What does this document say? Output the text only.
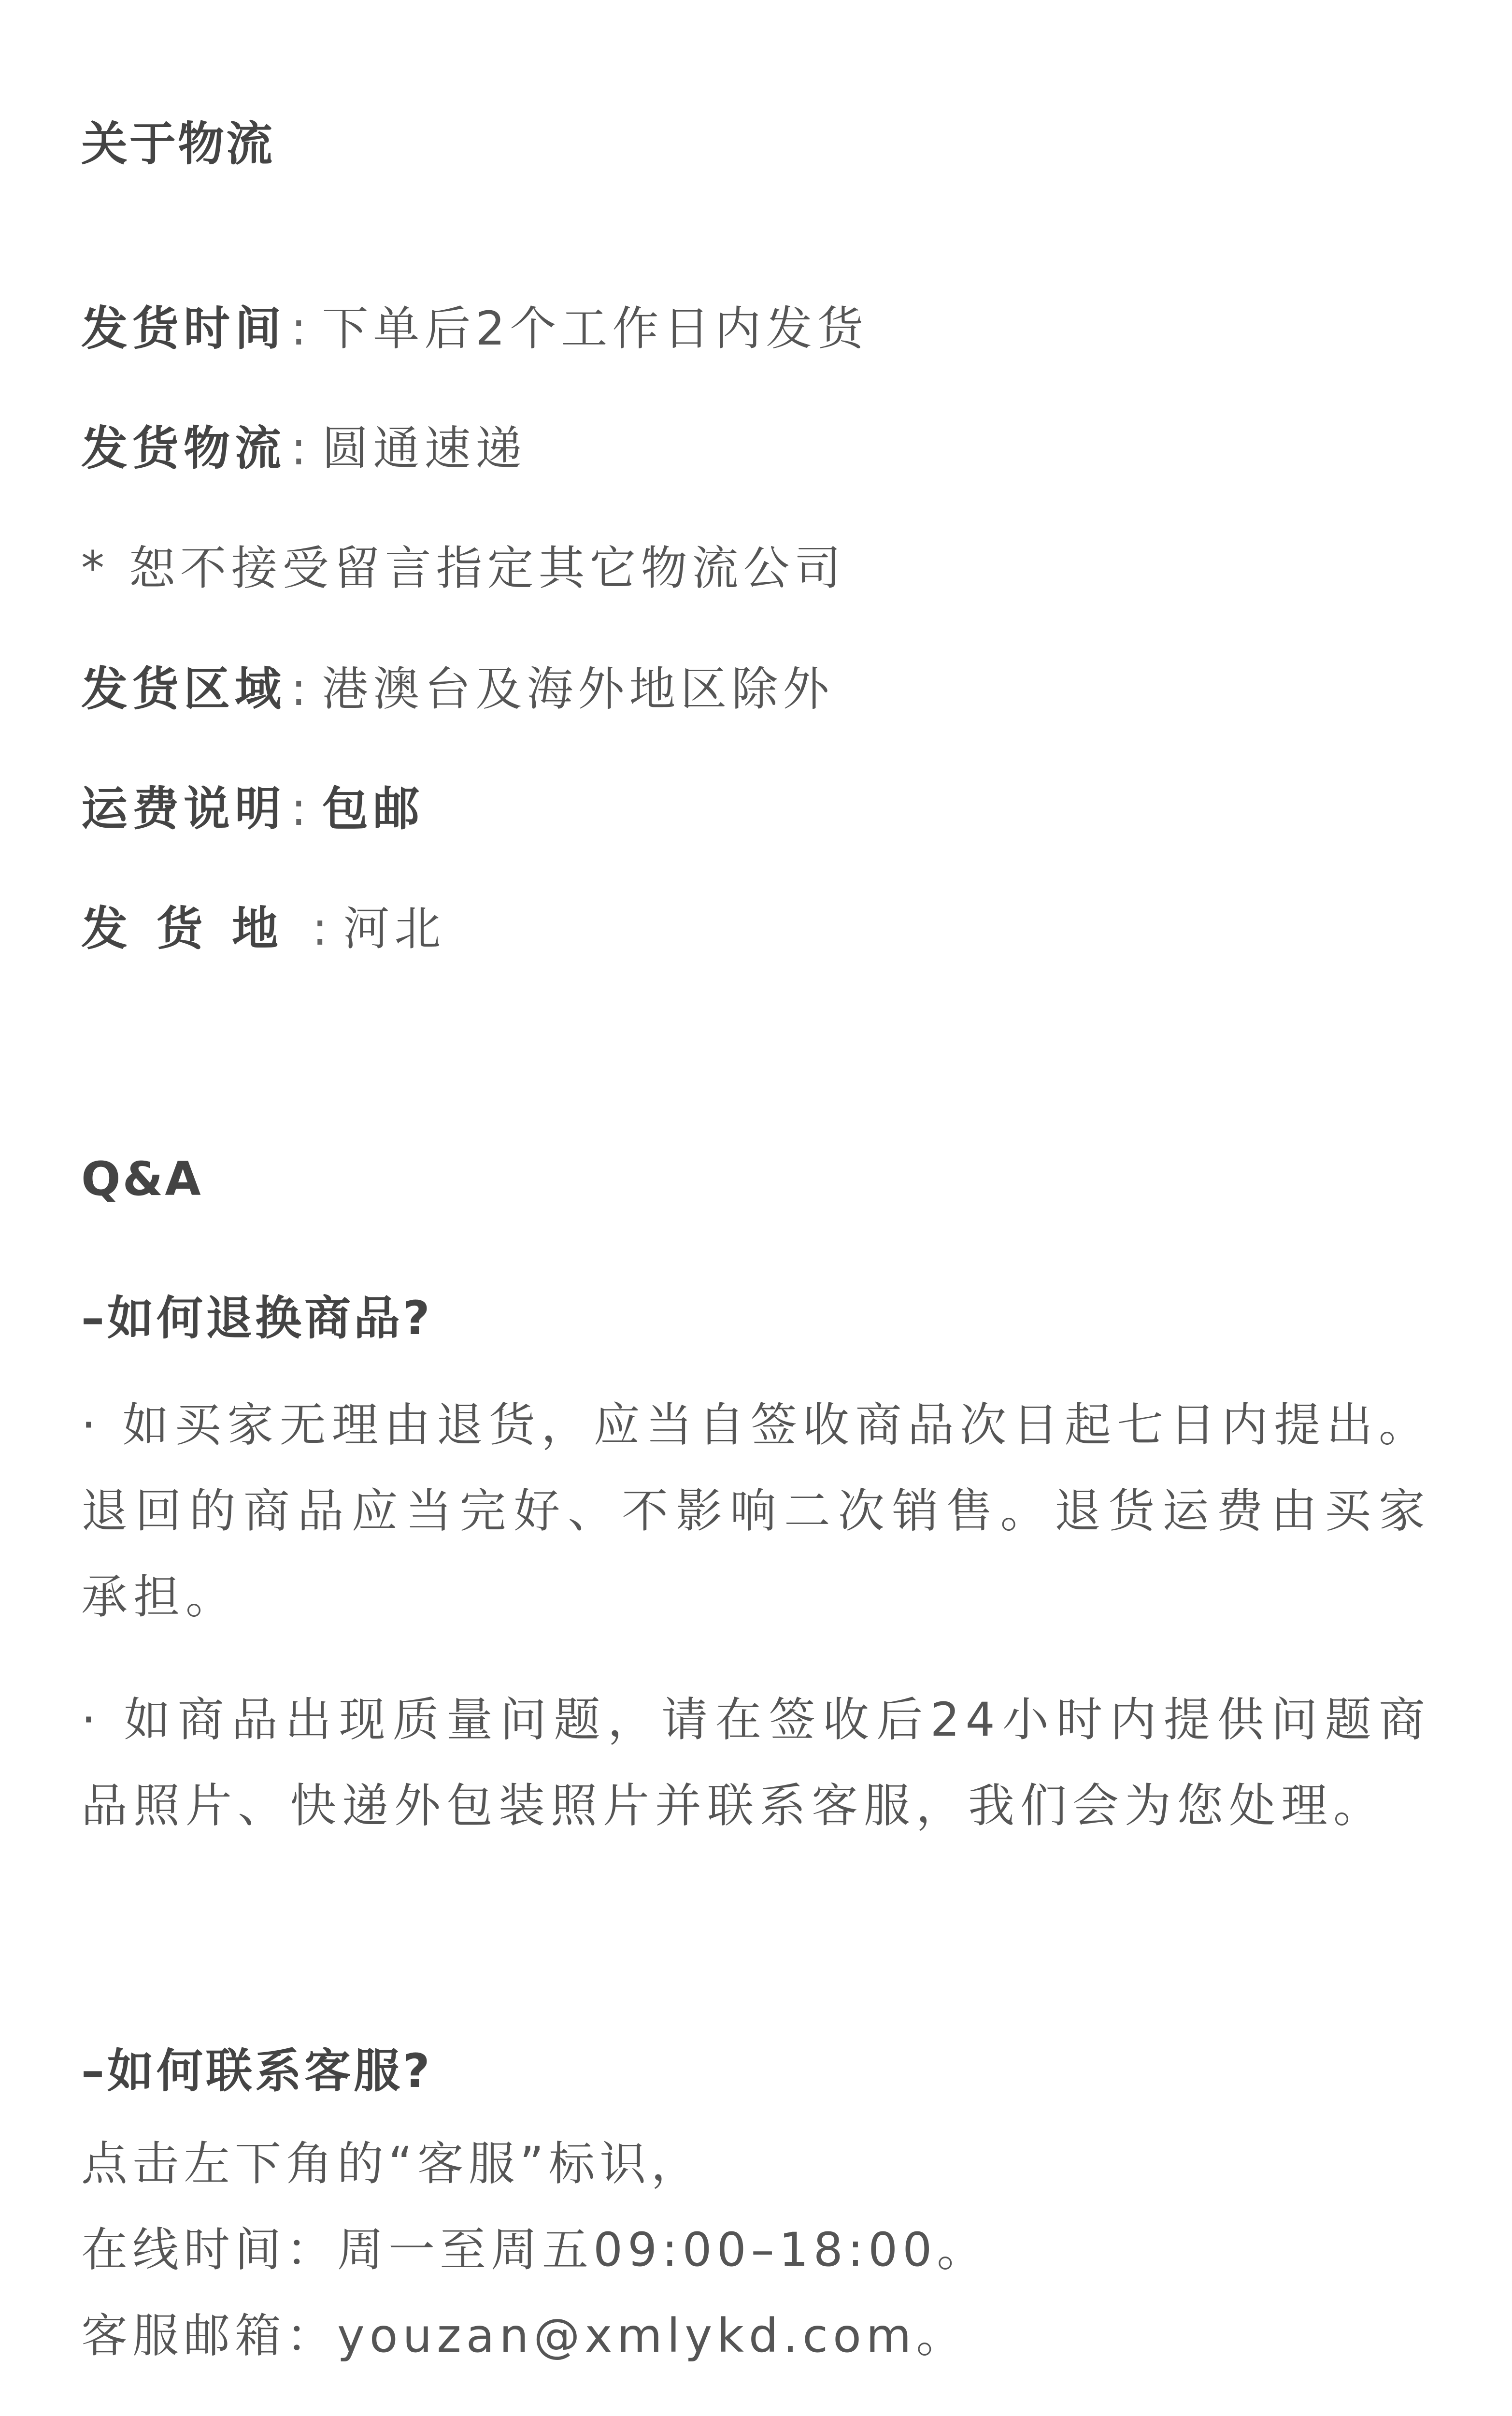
关于物流
发货时间 : 下单后2个工作日内发货
发货物流 : 圆通速递
* 恕不接受留言指定其它物流公司
发货区域 : 港澳台及海外地区除外
运费说明 : 包邮
发货地 : 河北
Q&A
–如何退换商品?
· 如买家无理由退货，应当自签收商品次日起七日内提出。退回的商品应当完好、不影响二次销售。退货运费由买家承担。
· 如商品出现质量问题，请在签收后24小时内提供问题商品照片、快递外包装照片并联系客服，我们会为您处理。
–如何联系客服?
点击左下角的“客服”标识，
在线时间：周一至周五09:00–18:00。
客服邮箱：youzan@xmlykd.com。
